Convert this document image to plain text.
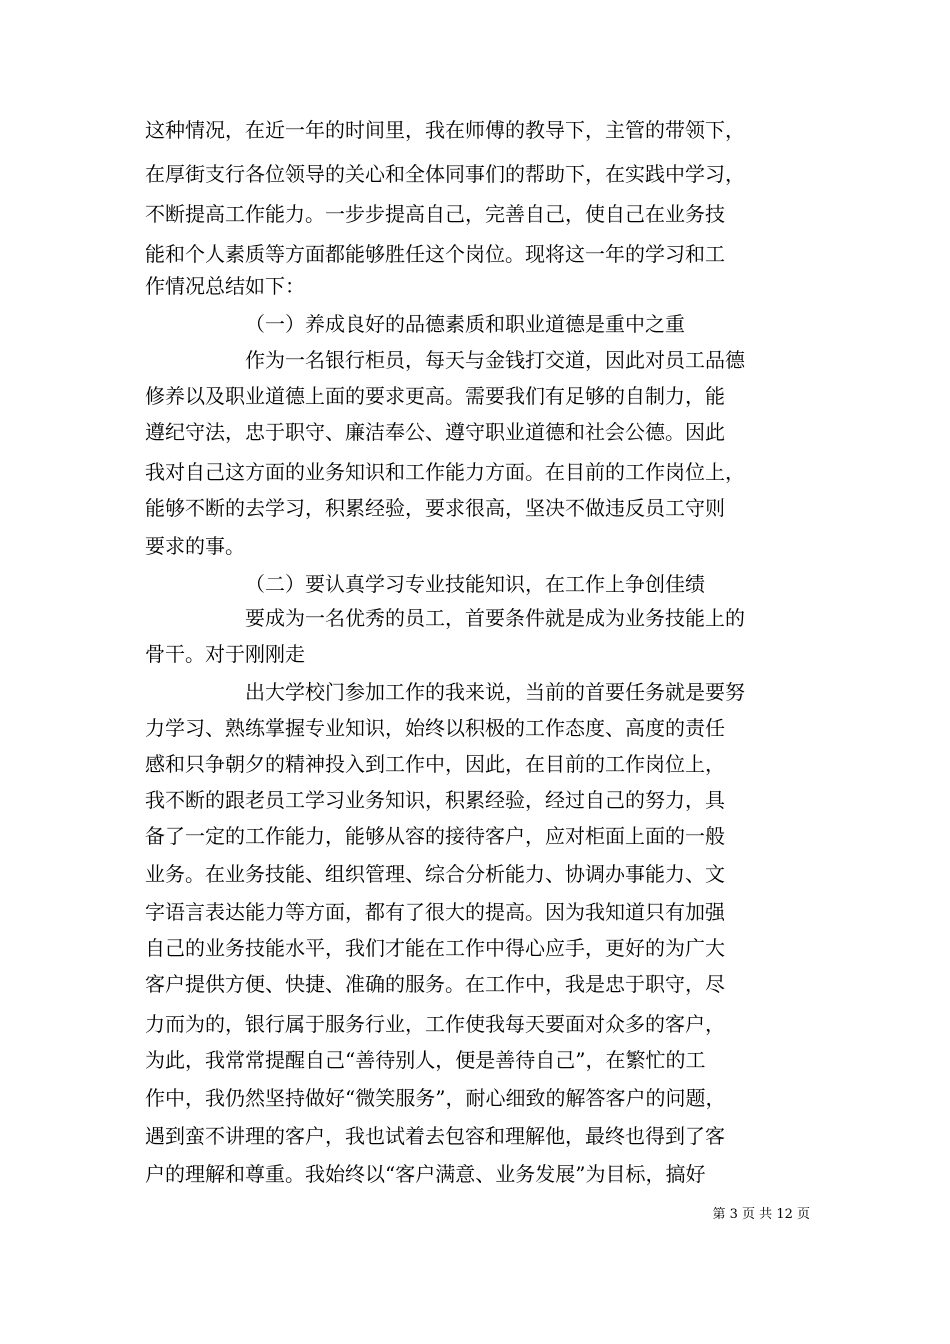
这种情况，在近一年的时间里，我在师傅的教导下，主管的带领下，
在厚街支行各位领导的关心和全体同事们的帮助下，在实践中学习，
不断提高工作能力。一步步提高自己，完善自己，使自己在业务技
能和个人素质等方面都能够胜任这个岗位。现将这一年的学习和工
作情况总结如下：
（一）养成良好的品德素质和职业道德是重中之重
作为一名银行柜员，每天与金钱打交道，因此对员工品德
修养以及职业道德上面的要求更高。需要我们有足够的自制力，能
遵纪守法，忠于职守、廉洁奉公、遵守职业道德和社会公德。因此
我对自己这方面的业务知识和工作能力方面。在目前的工作岗位上，
能够不断的去学习，积累经验，要求很高，坚决不做违反员工守则
要求的事。
（二）要认真学习专业技能知识，在工作上争创佳绩
要成为一名优秀的员工，首要条件就是成为业务技能上的
骨干。对于刚刚走
出大学校门参加工作的我来说，当前的首要任务就是要努
力学习、熟练掌握专业知识，始终以积极的工作态度、高度的责任
感和只争朝夕的精神投入到工作中，因此，在目前的工作岗位上，
我不断的跟老员工学习业务知识，积累经验，经过自己的努力，具
备了一定的工作能力，能够从容的接待客户，应对柜面上面的一般
业务。在业务技能、组织管理、综合分析能力、协调办事能力、文
字语言表达能力等方面，都有了很大的提高。因为我知道只有加强
自己的业务技能水平，我们才能在工作中得心应手，更好的为广大
客户提供方便、快捷、准确的服务。在工作中，我是忠于职守，尽
力而为的，银行属于服务行业，工作使我每天要面对众多的客户，
为此，我常常提醒自己“善待别人，便是善待自己”，在繁忙的工
作中，我仍然坚持做好“微笑服务”，耐心细致的解答客户的问题，
遇到蛮不讲理的客户，我也试着去包容和理解他，最终也得到了客
户的理解和尊重。我始终以“客户满意、业务发展”为目标，搞好
第 3 页 共 12 页
